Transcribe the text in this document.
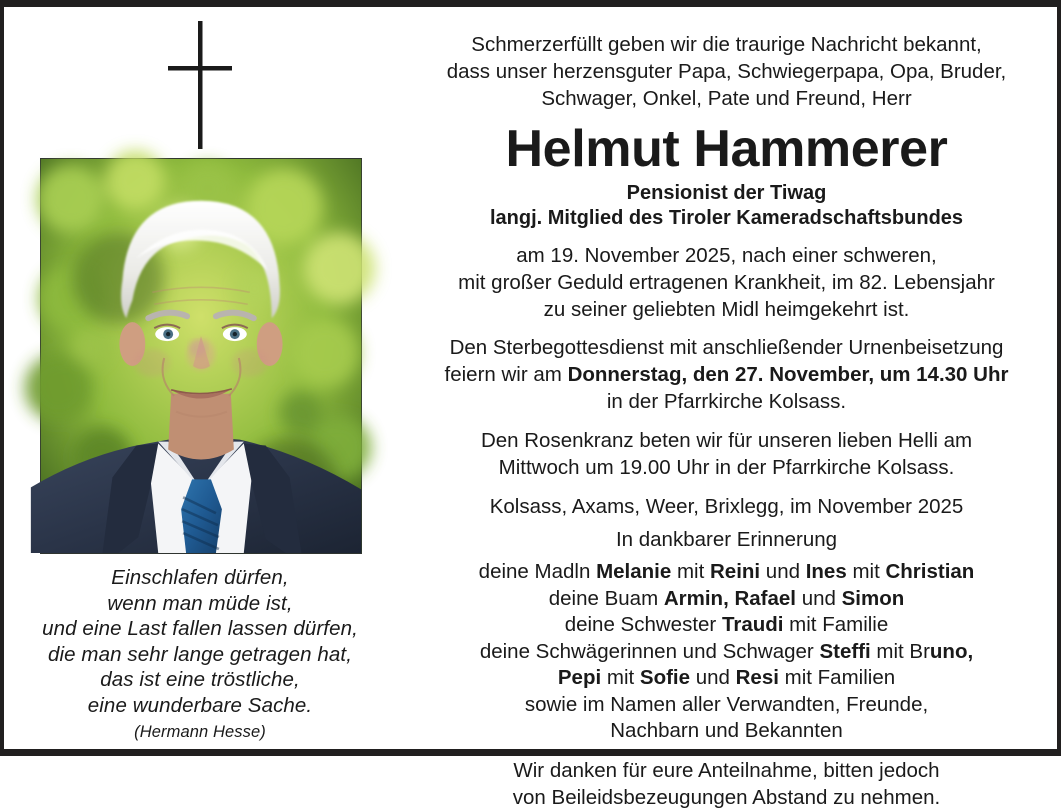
Einschlafen dürfen,
wenn man müde ist,
und eine Last fallen lassen dürfen,
die man sehr lange getragen hat,
das ist eine tröstliche,
eine wunderbare Sache.
(Hermann Hesse)
Schmerzerfüllt geben wir die traurige Nachricht bekannt,
dass unser herzensguter Papa, Schwiegerpapa, Opa, Bruder,
Schwager, Onkel, Pate und Freund, Herr
Helmut Hammerer
Pensionist der Tiwag
langj. Mitglied des Tiroler Kameradschaftsbundes
am 19. November 2025, nach einer schweren,
mit großer Geduld ertragenen Krankheit, im 82. Lebensjahr
zu seiner geliebten Midl heimgekehrt ist.
Den Sterbegottesdienst mit anschließender Urnenbeisetzung
feiern wir am Donnerstag, den 27. November, um 14.30 Uhr
in der Pfarrkirche Kolsass.
Den Rosenkranz beten wir für unseren lieben Helli am
Mittwoch um 19.00 Uhr in der Pfarrkirche Kolsass.
Kolsass, Axams, Weer, Brixlegg, im November 2025
In dankbarer Erinnerung
deine Madln Melanie mit Reini und Ines mit Christian
deine Buam Armin, Rafael und Simon
deine Schwester Traudi mit Familie
deine Schwägerinnen und Schwager Steffi mit Bruno,
Pepi mit Sofie und Resi mit Familien
sowie im Namen aller Verwandten, Freunde,
Nachbarn und Bekannten
Wir danken für eure Anteilnahme, bitten jedoch
von Beileidsbezeugungen Abstand zu nehmen.
